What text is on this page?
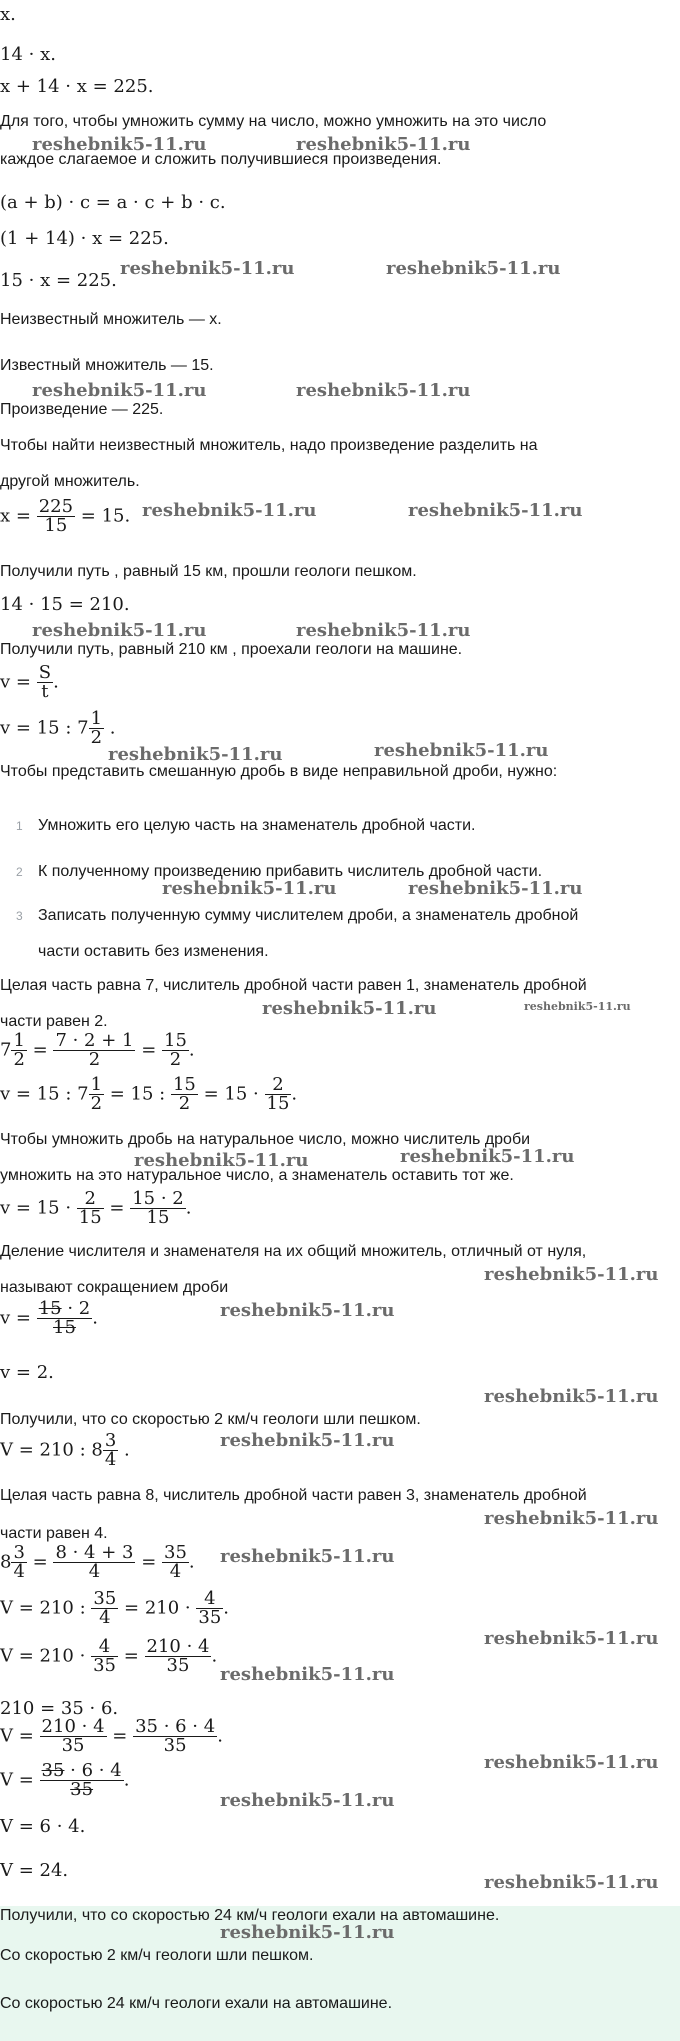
x.
14 · x.
x + 14 · x = 225.
Для того, чтобы умножить сумму на число, можно умножить на это число
каждое слагаемое и сложить получившиеся произведения.
(a + b) · c = a · c + b · c.
(1 + 14) · x = 225.
15 · x = 225.
Неизвестный множитель — x.
Известный множитель — 15.
Произведение — 225.
Чтобы найти неизвестный множитель, надо произведение разделить на
другой множитель.
$x = \frac{225}{15} = 15$.
Получили путь , равный 15 км, прошли геологи пешком.
14 · 15 = 210.
Получили путь, равный 210 км , проехали геологи на машине.
$v = \frac{S}{t}$ .
v = 15 : $7 \frac{1}{2}$ .
Чтобы представить смешанную дробь в виде неправильной дроби, нужно:
1 Умножить его целую часть на знаменатель дробной части.
2 К полученному произведению прибавить числитель дробной части.
3 Записать полученную сумму числителем дроби, а знаменатель дробной
части оставить без изменения.
Целая часть равна 7, числитель дробной части равен 1, знаменатель дробной
части равен 2.
$7 \frac{1}{2} = \frac{7 \cdot 2 + 1}{2} = \frac{15}{2}$ .
v = 15 : $7 \frac{1}{2} = 15$ : $\frac{15}{2} = 15 \cdot \frac{2}{15}$ .
Чтобы умножить дробь на натуральное число, можно числитель дроби
умножить на это натуральное число, а знаменатель оставить тот же.
$v = 15 \cdot \frac{2}{15} = \frac{15 \cdot 2}{15}$ .
Деление числителя и знаменателя на их общий множитель, отличный от нуля,
называют сокращением дроби
$v = \frac{15 \cdot 2}{15}$ .
v = 2.
Получили, что со скоростью 2 км/ч геологи шли пешком.
V = 210 : $8 \frac{3}{4}$ .
Целая часть равна 8, числитель дробной части равен 3, знаменатель дробной
части равен 4.
$8 \frac{3}{4} = \frac{8 \cdot 4 + 3}{4} = \frac{35}{4}$ .
V = 210 : $\frac{35}{4} = 210 \cdot \frac{4}{35}$ .
$V = 210 \cdot \frac{4}{35} = \frac{210 \cdot 4}{35}$ .
210 = 35 · 6.
$V = \frac{210 \cdot 4}{35} = \frac{35 \cdot 6 \cdot 4}{35}$ .
$V = \frac{35 \cdot 6 \cdot 4}{35}$ .
V = 6 · 4.
V = 24.
Получили, что со скоростью 24 км/ч геологи ехали на автомашине.
Со скоростью 2 км/ч геологи шли пешком.
Со скоростью 24 км/ч геологи ехали на автомашине.
reshebnik5-11.ru	reshebnik5-11.ru
reshebnik5-11.ru	reshebnik5-11.ru
reshebnik5-11.ru	reshebnik5-11.ru
reshebnik5-11.ru	reshebnik5-11.ru
reshebnik5-11.ru	reshebnik5-11.ru
reshebnik5-11.ru	reshebnik5-11.ru
reshebnik5-11.ru	reshebnik5-11.ru
reshebnik5-11.ru	reshebnik5-11.ru
reshebnik5-11.ru	reshebnik5-11.ru
reshebnik5-11.ru
reshebnik5-11.ru
reshebnik5-11.ru
reshebnik5-11.ru
reshebnik5-11.ru
reshebnik5-11.ru
reshebnik5-11.ru
reshebnik5-11.ru
reshebnik5-11.ru
reshebnik5-11.ru
reshebnik5-11.ru
reshebnik5-11.ru
